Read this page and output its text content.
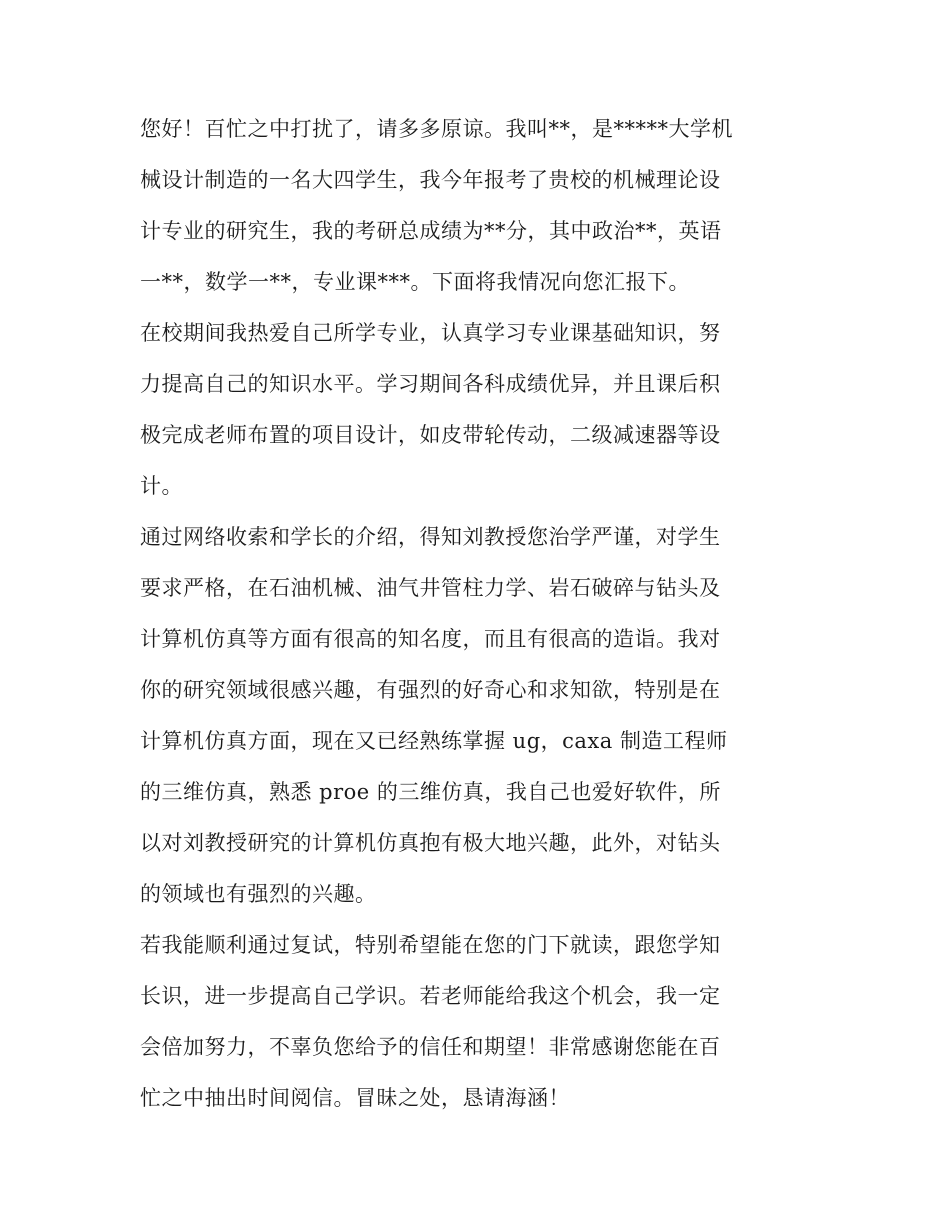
您好！百忙之中打扰了，请多多原谅。我叫**，是*****大学机
械设计制造的一名大四学生，我今年报考了贵校的机械理论设
计专业的研究生，我的考研总成绩为**分，其中政治**，英语
一**，数学一**，专业课***。下面将我情况向您汇报下。
在校期间我热爱自己所学专业，认真学习专业课基础知识，努
力提高自己的知识水平。学习期间各科成绩优异，并且课后积
极完成老师布置的项目设计，如皮带轮传动，二级减速器等设
计。
通过网络收索和学长的介绍，得知刘教授您治学严谨，对学生
要求严格，在石油机械、油气井管柱力学、岩石破碎与钻头及
计算机仿真等方面有很高的知名度，而且有很高的造诣。我对
你的研究领域很感兴趣，有强烈的好奇心和求知欲，特别是在
计算机仿真方面，现在又已经熟练掌握 ug，caxa 制造工程师
的三维仿真，熟悉 proe 的三维仿真，我自己也爱好软件，所
以对刘教授研究的计算机仿真抱有极大地兴趣，此外，对钻头
的领域也有强烈的兴趣。
若我能顺利通过复试，特别希望能在您的门下就读，跟您学知
长识，进一步提高自己学识。若老师能给我这个机会，我一定
会倍加努力，不辜负您给予的信任和期望！非常感谢您能在百
忙之中抽出时间阅信。冒昧之处，恳请海涵！
